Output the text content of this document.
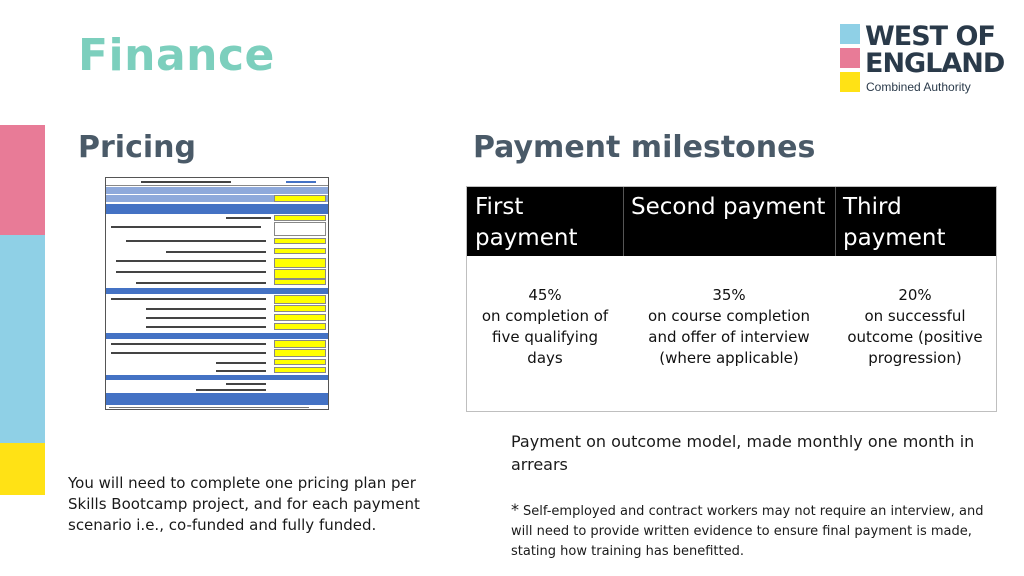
Finance	WEST OF
ENGLAND
Combined Authority
Pricing	Payment milestones
You will need to complete one pricing plan per Skills Bootcamp project, and for each payment scenario i.e., co-funded and fully funded.
First payment
Second payment Third payment
45%
on completion of five qualifying days
35%
on course completion and offer of interview (where applicable)
20%
on successful outcome (positive progression)
Payment on outcome model, made monthly one month in arrears
* Self-employed and contract workers may not require an interview, and will need to provide written evidence to ensure final payment is made, stating how training has benefitted.
